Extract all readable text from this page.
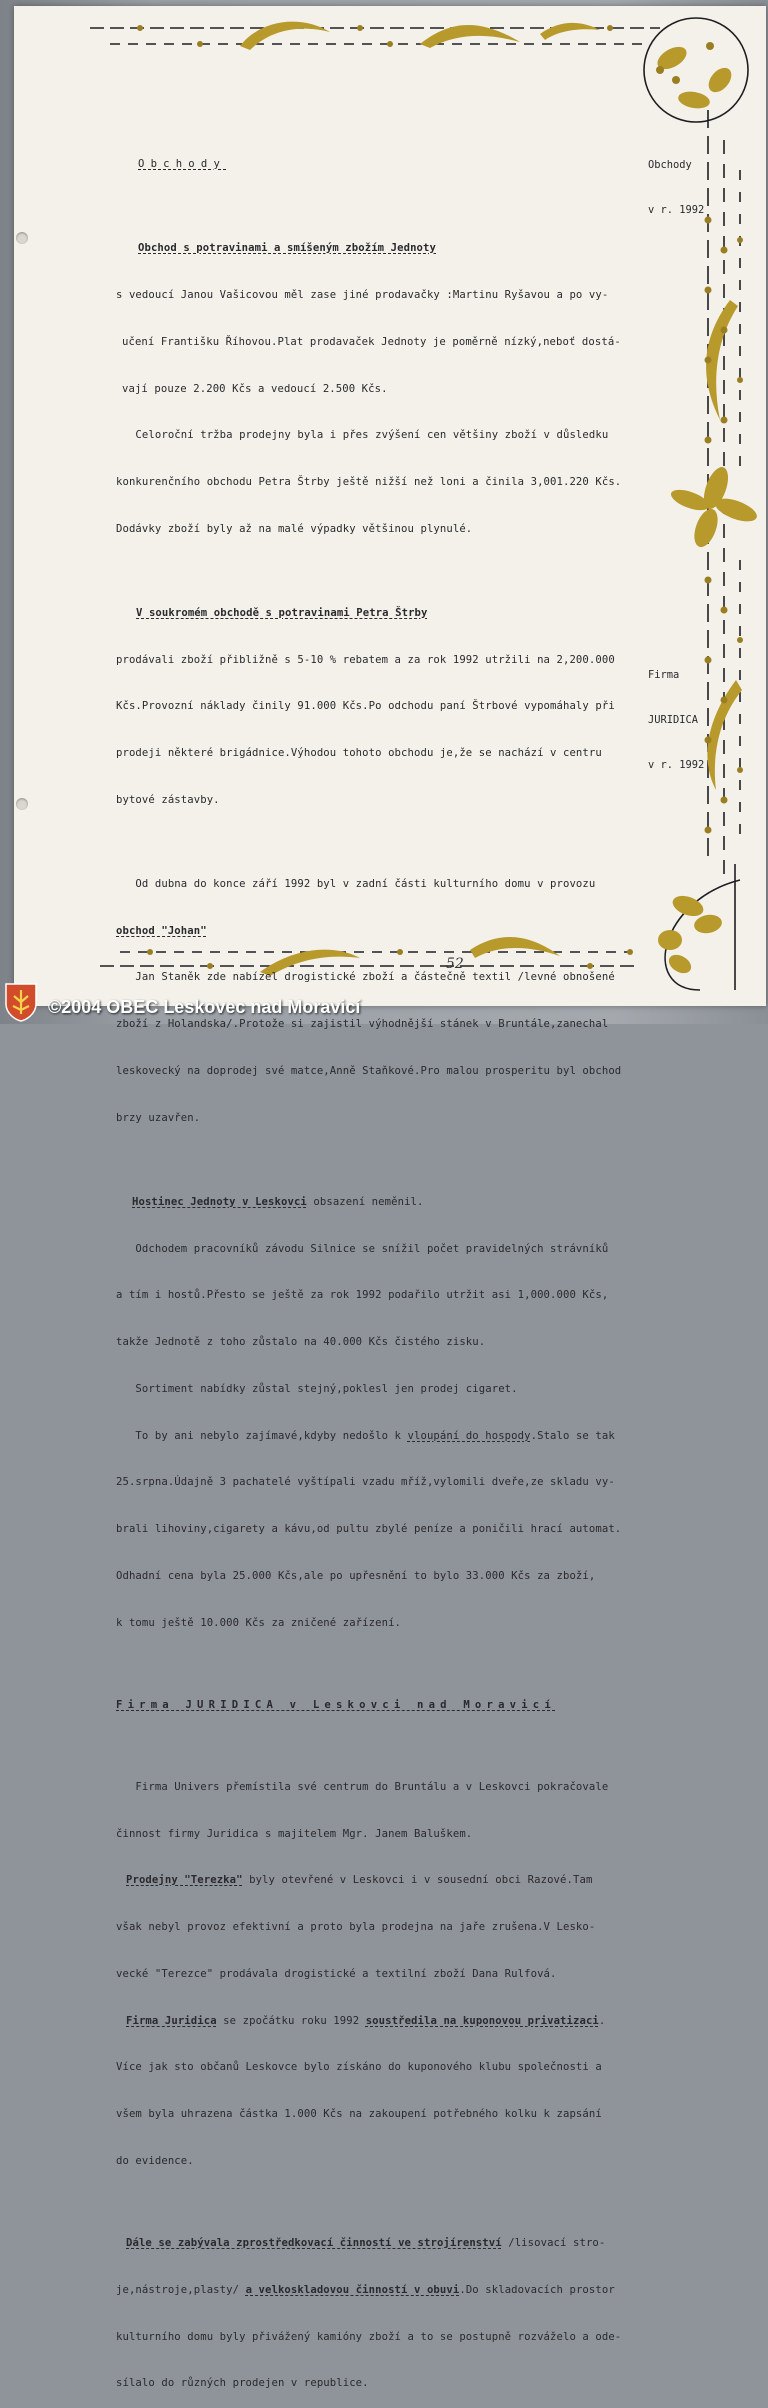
Obchody

v r. 1992

Firma

JURIDICA

v r. 1992

Obchody

Obchod s potravinami a smíšeným zbožím Jednoty

s vedoucí Janou Vašicovou měl zase jiné prodavačky :Martinu Ryšavou a po vy-

učení Františku Říhovou.Plat prodavaček Jednoty je poměrně nízký,neboť dostá-

vají pouze 2.200 Kčs a vedoucí 2.500 Kčs.

Celoroční tržba prodejny byla i přes zvýšení cen většiny zboží v důsledku

konkurenčního obchodu Petra Štrby ještě nižší než loni a činila 3,001.220 Kčs.

Dodávky zboží byly až na malé výpadky většinou plynulé.

V soukromém obchodě s potravinami Petra Štrby

prodávali zboží přibližně s 5-10 % rebatem a za rok 1992 utržili na 2,200.000

Kčs.Provozní náklady činily 91.000 Kčs.Po odchodu paní Štrbové vypomáhaly při

prodeji některé brigádnice.Výhodou tohoto obchodu je,že se nachází v centru

bytové zástavby.

Od dubna do konce září 1992 byl v zadní části kulturního domu v provozu

obchod "Johan"

Jan Staněk zde nabízel drogistické zboží a částečně textil /levné obnošené

zboží z Holandska/.Protože si zajistil výhodnější stánek v Bruntále,zanechal

leskovecký na doprodej své matce,Anně Staňkové.Pro malou prosperitu byl obchod

brzy uzavřen.

Hostinec Jednoty v Leskovci obsazení neměnil.

Odchodem pracovníků závodu Silnice se snížil počet pravidelných strávníků

a tím i hostů.Přesto se ještě za rok 1992 podařilo utržit asi 1,000.000 Kčs,

takže Jednotě z toho zůstalo na 40.000 Kčs čistého zisku.

Sortiment nabídky zůstal stejný,poklesl jen prodej cigaret.

To by ani nebylo zajímavé,kdyby nedošlo k vloupání do hospody.Stalo se tak

25.srpna.Údajně 3 pachatelé vyštípali vzadu mříž,vylomili dveře,ze skladu vy-

brali lihoviny,cigarety a kávu,od pultu zbylé peníze a poničili hrací automat.

Odhadní cena byla 25.000 Kčs,ale po upřesnění to bylo 33.000 Kčs za zboží,

k tomu ještě 10.000 Kčs za zničené zařízení.

Firma JURIDICA v Leskovci nad Moravicí

Firma Univers přemístila své centrum do Bruntálu a v Leskovci pokračovale

činnost firmy Juridica s majitelem Mgr. Janem Baluškem.

Prodejny "Terezka" byly otevřené v Leskovci i v sousední obci Razové.Tam

však nebyl provoz efektivní a proto byla prodejna na jaře zrušena.V Lesko-

vecké "Terezce" prodávala drogistické a textilní zboží Dana Rulfová.

Firma Juridica se zpočátku roku 1992 soustředila na kuponovou privatizaci.

Více jak sto občanů Leskovce bylo získáno do kuponového klubu společnosti a

všem byla uhrazena částka 1.000 Kčs na zakoupení potřebného kolku k zapsání

do evidence.

Dále se zabývala zprostředkovací činností ve strojírenství /lisovací stro-

je,nástroje,plasty/ a velkoskladovou činností v obuvi.Do skladovacích prostor

kulturního domu byly přivážený kamióny zboží a to se postupně rozváželo a ode-

sílalo do různých prodejen v republice.

52
©2004 OBEC Leskovec nad Moravicí
